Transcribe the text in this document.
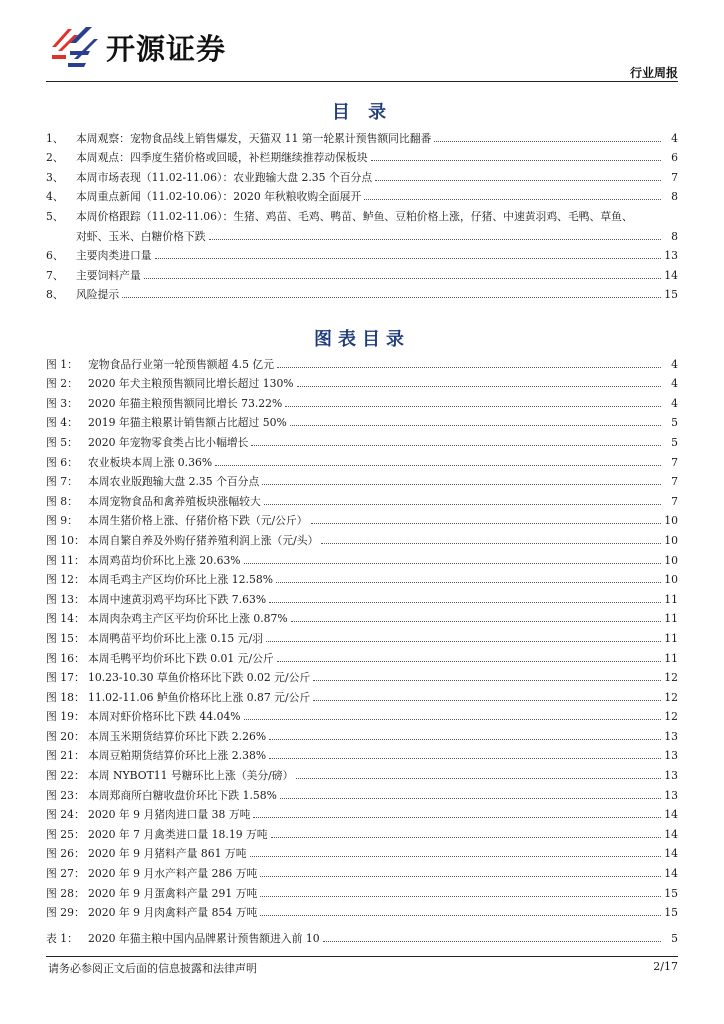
开源证券
行业周报
目 录
1、	本周观察：宠物食品线上销售爆发，天猫双 11 第一轮累计预售额同比翻番	4
2、	本周观点：四季度生猪价格或回暖，补栏期继续推荐动保板块	6
3、	本周市场表现（11.02-11.06）：农业跑输大盘 2.35 个百分点	7
4、	本周重点新闻（11.02-10.06）：2020 年秋粮收购全面展开	8
5、	本周价格跟踪（11.02-11.06）：生猪、鸡苗、毛鸡、鸭苗、鲈鱼、豆粕价格上涨，仔猪、中速黄羽鸡、毛鸭、草鱼、
对虾、玉米、白糖价格下跌	8
6、	主要肉类进口量	13
7、	主要饲料产量	14
8、	风险提示	15
图表目录
图 1： 宠物食品行业第一轮预售额超 4.5 亿元	4
图 2： 2020 年犬主粮预售额同比增长超过 130%	4
图 3： 2020 年猫主粮预售额同比增长 73.22%	4
图 4： 2019 年猫主粮累计销售额占比超过 50%	5
图 5： 2020 年宠物零食类占比小幅增长	5
图 6： 农业板块本周上涨 0.36%	7
图 7： 本周农业版跑输大盘 2.35 个百分点	7
图 8： 本周宠物食品和禽养殖板块涨幅较大	7
图 9： 本周生猪价格上涨、仔猪价格下跌（元/公斤）	10
图 10： 本周自繁自养及外购仔猪养殖利润上涨（元/头）	10
图 11： 本周鸡苗均价环比上涨 20.63%	10
图 12： 本周毛鸡主产区均价环比上涨 12.58%	10
图 13： 本周中速黄羽鸡平均环比下跌 7.63%	11
图 14： 本周肉杂鸡主产区平均价环比上涨 0.87%	11
图 15： 本周鸭苗平均价环比上涨 0.15 元/羽	11
图 16： 本周毛鸭平均价环比下跌 0.01 元/公斤	11
图 17： 10.23-10.30 草鱼价格环比下跌 0.02 元/公斤	12
图 18： 11.02-11.06 鲈鱼价格环比上涨 0.87 元/公斤	12
图 19： 本周对虾价格环比下跌 44.04%	12
图 20： 本周玉米期货结算价环比下跌 2.26%	13
图 21： 本周豆粕期货结算价环比上涨 2.38%	13
图 22： 本周 NYBOT11 号糖环比上涨（美分/磅）	13
图 23： 本周郑商所白糖收盘价环比下跌 1.58%	13
图 24： 2020 年 9 月猪肉进口量 38 万吨	14
图 25： 2020 年 7 月禽类进口量 18.19 万吨	14
图 26： 2020 年 9 月猪料产量 861 万吨	14
图 27： 2020 年 9 月水产料产量 286 万吨	14
图 28： 2020 年 9 月蛋禽料产量 291 万吨	15
图 29： 2020 年 9 月肉禽料产量 854 万吨	15
表 1： 2020 年猫主粮中国内品牌累计预售额进入前 10	5
请务必参阅正文后面的信息披露和法律声明	2/17
